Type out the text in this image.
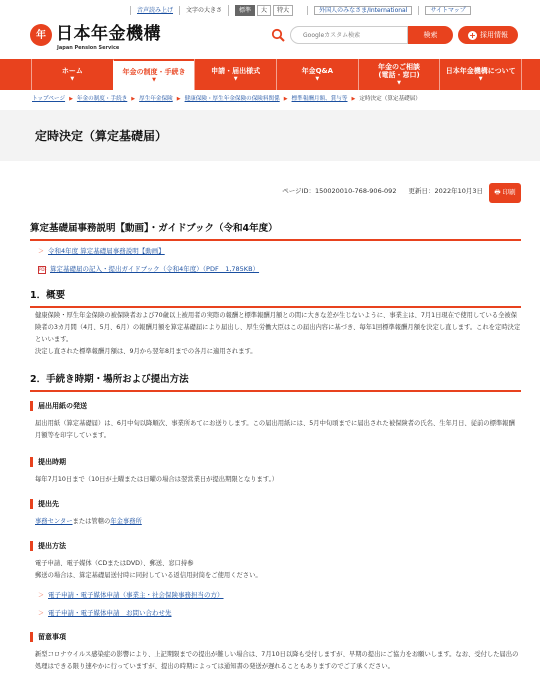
音声読み上げ	文字の大きさ	標準	大	特大	外国人のみなさま/International	サイトマップ
年 日本年金機構
Japan Pension Service
Googleカスタム検索
検索	+ 採用情報
ホーム
▼
年金の制度・手続き
▼
申請・届出様式
▼
年金Q&A
▼
年金のご相談
(電話・窓口)
▼
日本年金機構について
▼
トップページ ▶ 年金の制度・手続き ▶ 厚生年金保険 ▶ 健康保険・厚生年金保険の保険料関係 ▶ 標準報酬月額、賞与等 ▶ 定時決定（算定基礎届）
定時決定（算定基礎届）
ページID：150020010-768-906-092 更新日：2022年10月3日 🖶 印刷
算定基礎届事務説明【動画】・ガイドブック（令和4年度）
＞ 令和4年度 算定基礎届事務説明【動画】
PDF 算定基礎届の記入・提出ガイドブック（令和4年度）（PDF　1,785KB）
1．概要
健康保険・厚生年金保険の被保険者および70歳以上被用者の実際の報酬と標準報酬月額との間に大きな差が生じないように、事業主は、7月1日現在で使用している全被保険者の3カ月間（4月、5月、6月）の報酬月額を算定基礎届により届出し、厚生労働大臣はこの届出内容に基づき、毎年1回標準報酬月額を決定し直します。これを定時決定といいます。
決定し直された標準報酬月額は、9月から翌年8月までの各月に適用されます。
2．手続き時期・場所および提出方法
届出用紙の発送
届出用紙（算定基礎届）は、6月中旬以降順次、事業所あてにお送りします。この届出用紙には、5月中旬頃までに届出された被保険者の氏名、生年月日、従前の標準報酬月額等を印字しています。
提出時期
毎年7月10日まで（10日が土曜または日曜の場合は翌営業日が提出期限となります。）
提出先
事務センターまたは管轄の年金事務所
提出方法
電子申請、電子媒体（CDまたはDVD）、郵送、窓口持参
郵送の場合は、算定基礎届送付時に同封している返信用封筒をご使用ください。
＞ 電子申請・電子媒体申請（事業主・社会保険事務担当の方）
＞ 電子申請・電子媒体申請　お問い合わせ先
留意事項
新型コロナウイルス感染症の影響により、上記期限までの提出が難しい場合は、7月10日以降も受付しますが、早期の提出にご協力をお願いします。なお、受付した届出の処理はできる限り速やかに行っていますが、提出の時期によっては通知書の発送が遅れることもありますのでご了承ください。
